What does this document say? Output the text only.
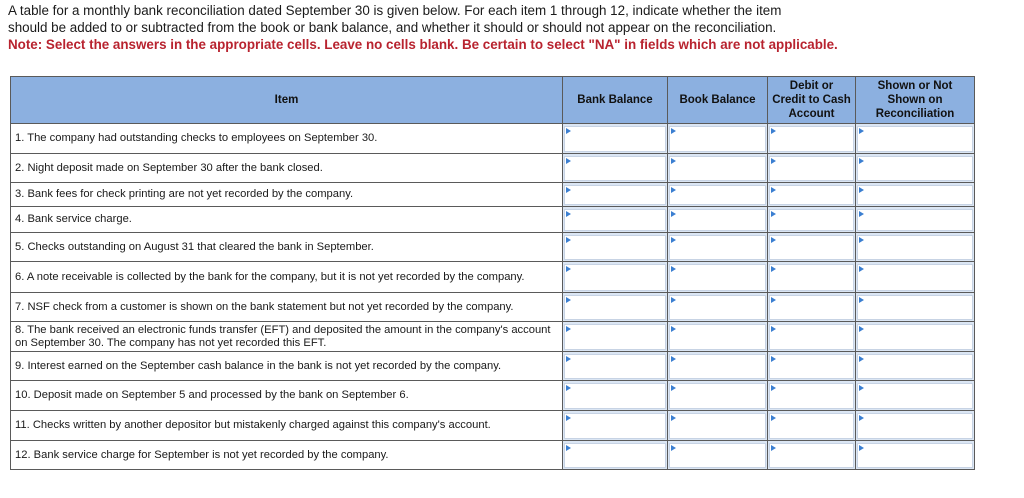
A table for a monthly bank reconciliation dated September 30 is given below. For each item 1 through 12, indicate whether the item
should be added to or subtracted from the book or bank balance, and whether it should or should not appear on the reconciliation.
Note: Select the answers in the appropriate cells. Leave no cells blank. Be certain to select "NA" in fields which are not applicable.
Item	Bank Balance	Book Balance	Debit or
Credit to Cash
Account	Shown or Not
Shown on
Reconciliation
1. The company had outstanding checks to employees on September 30.	

2. Night deposit made on September 30 after the bank closed.	

3. Bank fees for check printing are not yet recorded by the company.	

4. Bank service charge.	

5. Checks outstanding on August 31 that cleared the bank in September.	

6. A note receivable is collected by the bank for the company, but it is not yet recorded by the company.	

7. NSF check from a customer is shown on the bank statement but not yet recorded by the company.	

8. The bank received an electronic funds transfer (EFT) and deposited the amount in the company's account on September 30. The company has not yet recorded this EFT.	

9. Interest earned on the September cash balance in the bank is not yet recorded by the company.	

10. Deposit made on September 5 and processed by the bank on September 6.	

11. Checks written by another depositor but mistakenly charged against this company's account.	

12. Bank service charge for September is not yet recorded by the company.	
